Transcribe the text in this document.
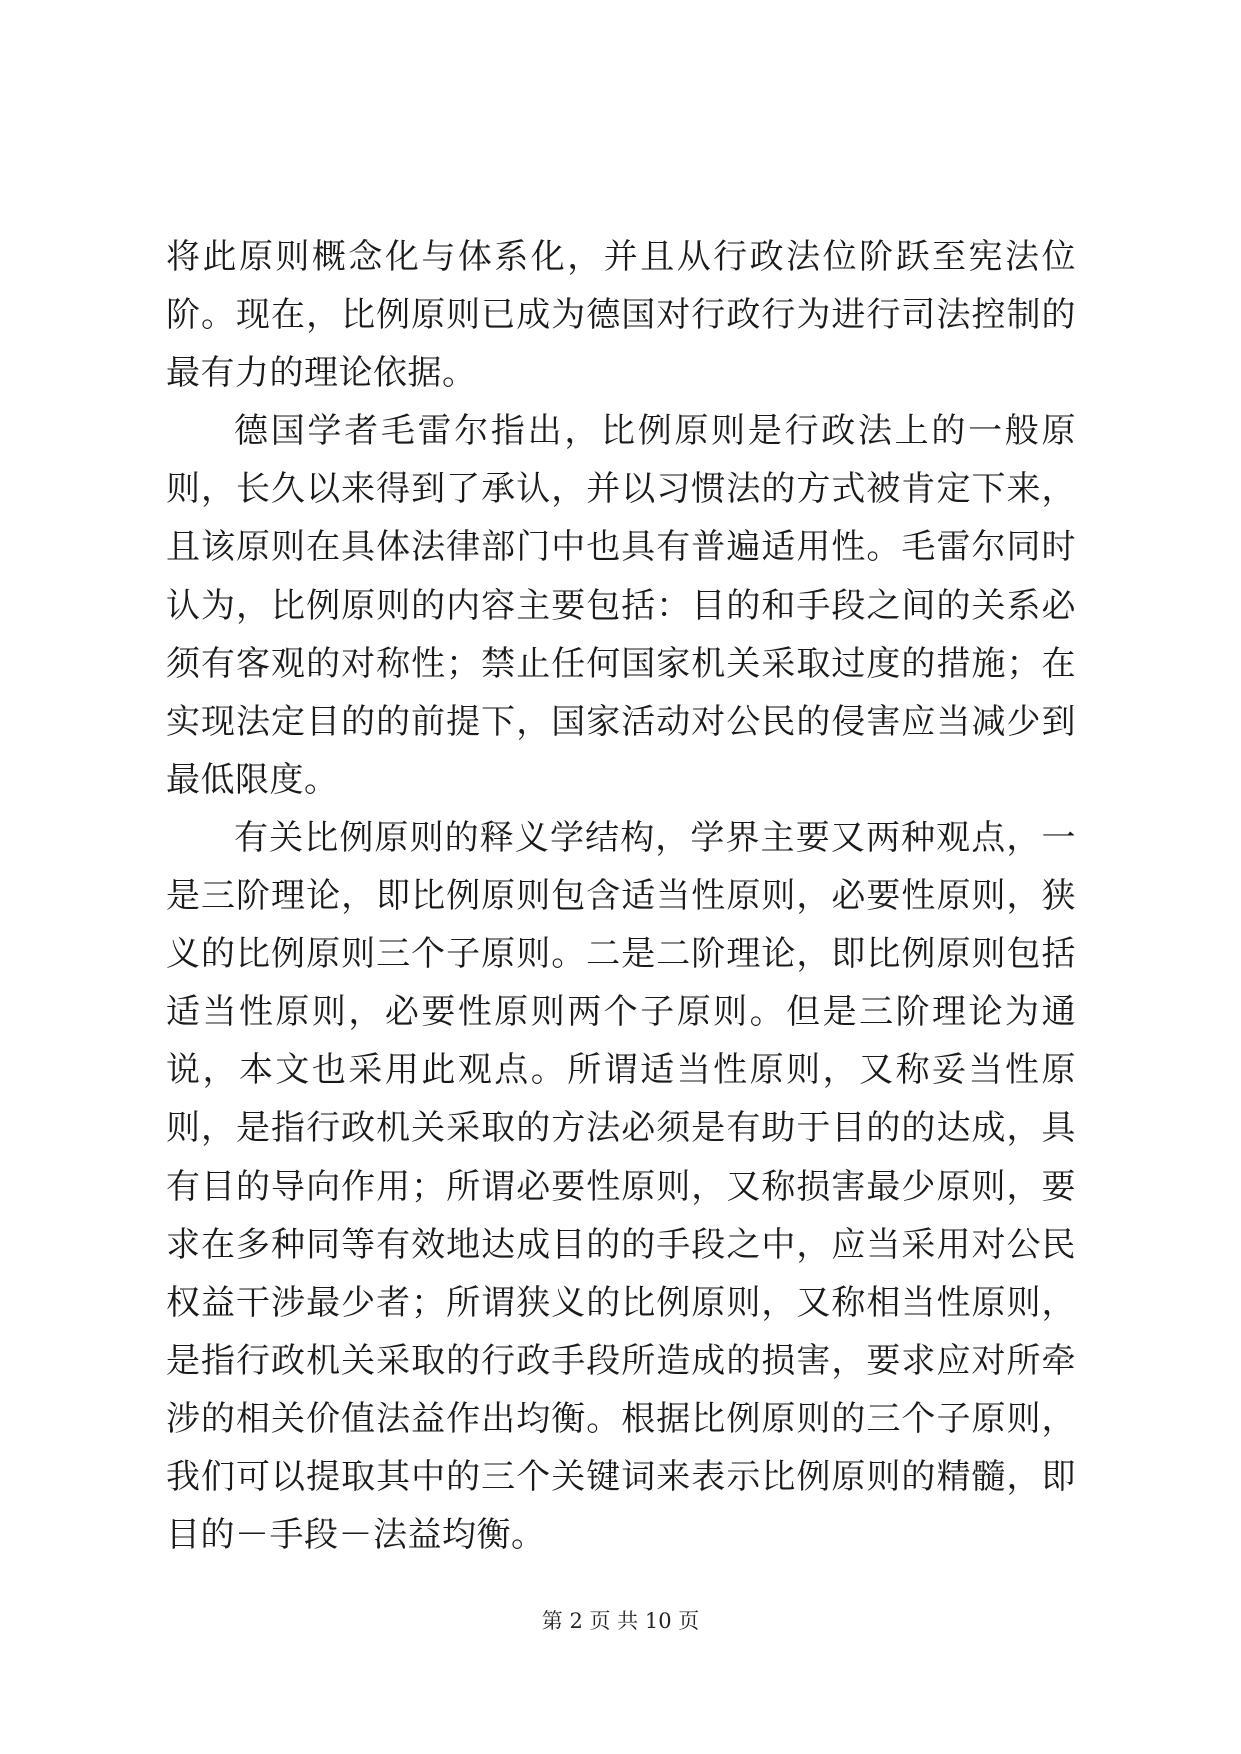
将此原则概念化与体系化，并且从行政法位阶跃至宪法位阶。现在，比例原则已成为德国对行政行为进行司法控制的最有力的理论依据。

德国学者毛雷尔指出，比例原则是行政法上的一般原则，长久以来得到了承认，并以习惯法的方式被肯定下来，且该原则在具体法律部门中也具有普遍适用性。毛雷尔同时认为，比例原则的内容主要包括：目的和手段之间的关系必须有客观的对称性；禁止任何国家机关采取过度的措施；在实现法定目的的前提下，国家活动对公民的侵害应当减少到最低限度。

有关比例原则的释义学结构，学界主要又两种观点，一是三阶理论，即比例原则包含适当性原则，必要性原则，狭义的比例原则三个子原则。二是二阶理论，即比例原则包括适当性原则，必要性原则两个子原则。但是三阶理论为通说，本文也采用此观点。所谓适当性原则，又称妥当性原则，是指行政机关采取的方法必须是有助于目的的达成，具有目的导向作用；所谓必要性原则，又称损害最少原则，要求在多种同等有效地达成目的的手段之中，应当采用对公民权益干涉最少者；所谓狭义的比例原则，又称相当性原则，是指行政机关采取的行政手段所造成的损害，要求应对所牵涉的相关价值法益作出均衡。根据比例原则的三个子原则，我们可以提取其中的三个关键词来表示比例原则的精髓，即目的－手段－法益均衡。

第 2 页 共 10 页
